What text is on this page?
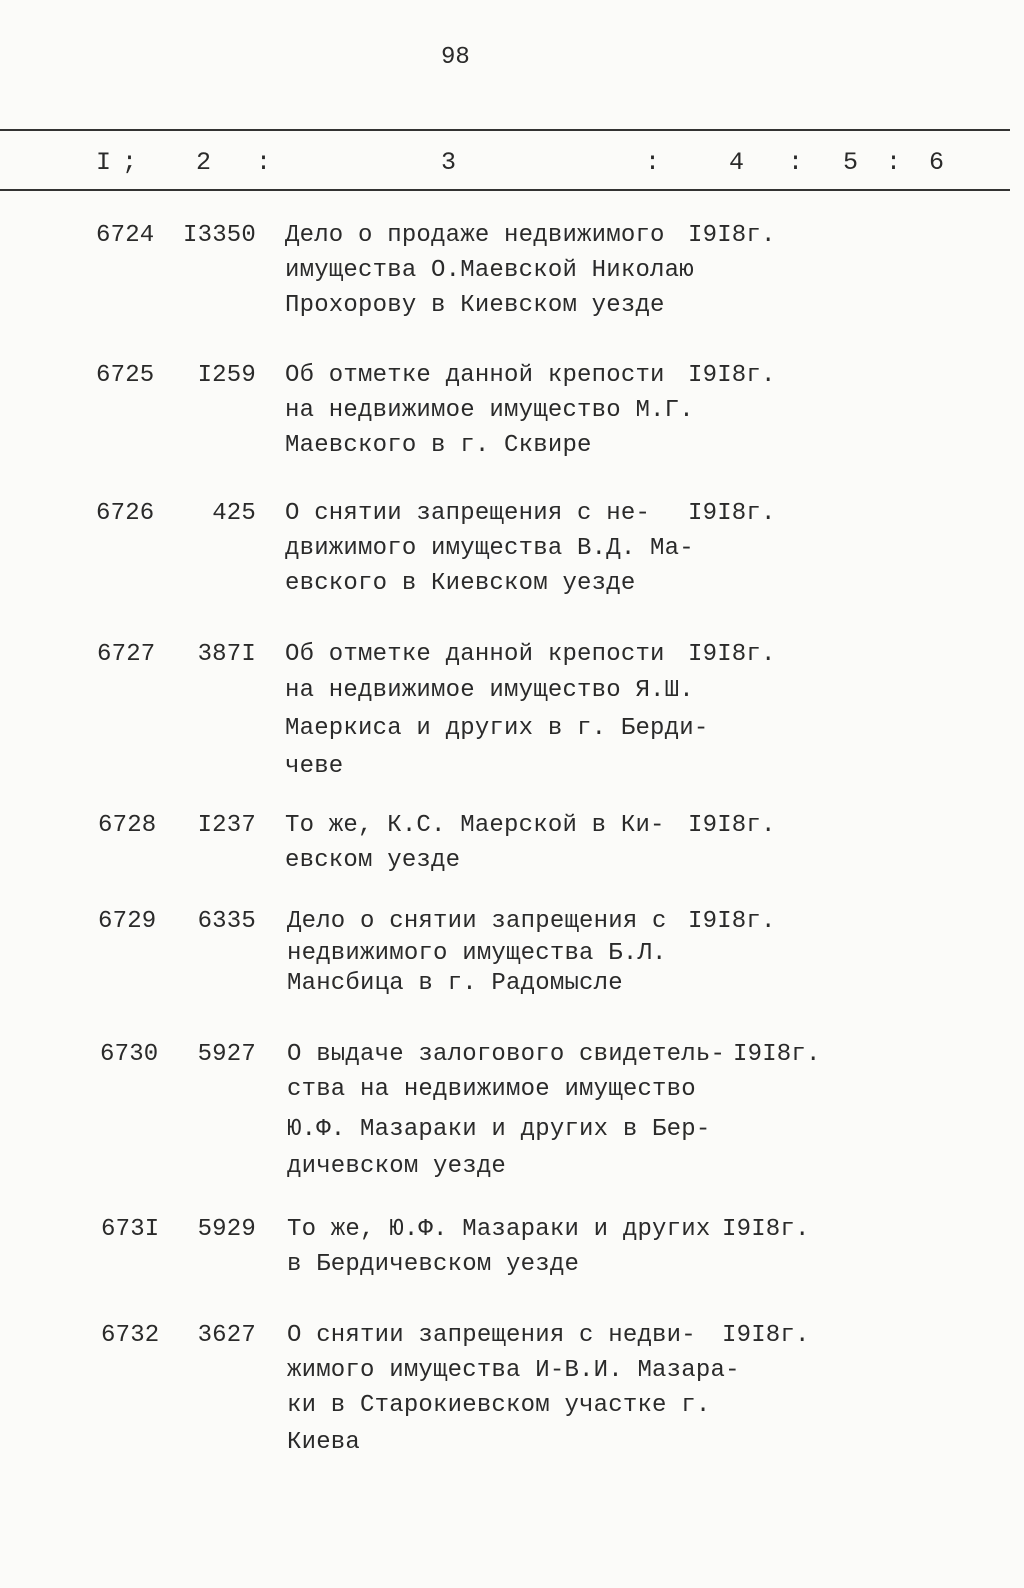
98
I ; 2 :	3	:	4 : 5 : 6
6724	I3350 Дело о продаже недвижимого
имущества О.Маевской Николаю
Прохорову в Киевском уезде
I9I8г.
6725	I259 Об отметке данной крепости
на недвижимое имущество М.Г.
Маевского в г. Сквире
I9I8г.
6726	425 О снятии запрещения с не-
движимого имущества В.Д. Ма-
евского в Киевском уезде
I9I8г.
6727	387I Об отметке данной крепости
на недвижимое имущество Я.Ш.
Маеркиса и других в г. Берди-
чеве
I9I8г.
6728	I237 То же, К.С. Маерской в Ки-
евском уезде
I9I8г.
6729	6335 Дело о снятии запрещения с
недвижимого имущества Б.Л.
Мансбица в г. Радомысле
I9I8г.
6730	5927 О выдаче залогового свидетель-
ства на недвижимое имущество
Ю.Ф. Мазараки и других в Бер-
дичевском уезде
I9I8г.
673I	5929 То же, Ю.Ф. Мазараки и других
в Бердичевском уезде
I9I8г.
6732	3627 О снятии запрещения с недви-
жимого имущества И-В.И. Мазара-
ки в Старокиевском участке г.
Киева
I9I8г.
